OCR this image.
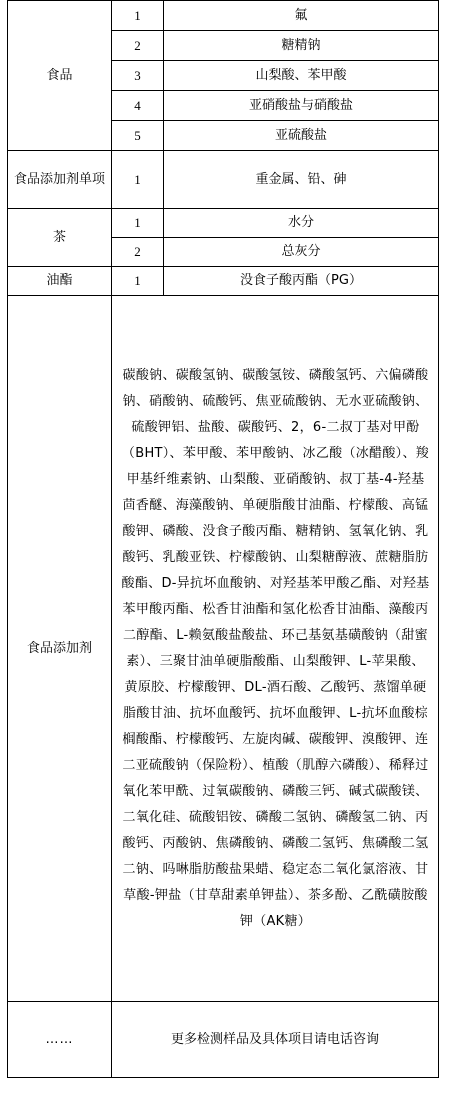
食品	1	氟
	2	糖精钠
	3	山梨酸、苯甲酸
	4	亚硝酸盐与硝酸盐
	5	亚硫酸盐
食品添加剂单项	1	重金属、铅、砷
茶	1	水分
	2	总灰分
油酯	1	没食子酸丙酯（PG）
食品添加剂	碳酸钠、碳酸氢钠、碳酸氢铵、磷酸氢钙、六偏磷酸钠、硝酸钠、硫酸钙、焦亚硫酸钠、无水亚硫酸钠、硫酸钾铝、盐酸、碳酸钙、2，6-二叔丁基对甲酚（BHT）、苯甲酸、苯甲酸钠、冰乙酸（冰醋酸）、羧甲基纤维素钠、山梨酸、亚硝酸钠、叔丁基-4-羟基茴香醚、海藻酸钠、单硬脂酸甘油酯、柠檬酸、高锰酸钾、磷酸、没食子酸丙酯、糖精钠、氢氧化钠、乳酸钙、乳酸亚铁、柠檬酸钠、山梨糖醇液、蔗糖脂肪酸酯、D-异抗坏血酸钠、对羟基苯甲酸乙酯、对羟基苯甲酸丙酯、松香甘油酯和氢化松香甘油酯、藻酸丙二醇酯、L-赖氨酸盐酸盐、环己基氨基磺酸钠（甜蜜素）、三聚甘油单硬脂酸酯、山梨酸钾、L-苹果酸、黄原胶、柠檬酸钾、DL-酒石酸、乙酸钙、蒸馏单硬脂酸甘油、抗坏血酸钙、抗坏血酸钾、L-抗坏血酸棕榈酸酯、柠檬酸钙、左旋肉碱、碳酸钾、溴酸钾、连二亚硫酸钠（保险粉）、植酸（肌醇六磷酸）、稀释过氧化苯甲酰、过氧碳酸钠、磷酸三钙、碱式碳酸镁、二氧化硅、硫酸铝铵、磷酸二氢钠、磷酸氢二钠、丙酸钙、丙酸钠、焦磷酸钠、磷酸二氢钙、焦磷酸二氢二钠、吗啉脂肪酸盐果蜡、稳定态二氧化氯溶液、甘草酸-钾盐（甘草甜素单钾盐）、茶多酚、乙酰磺胺酸钾（AK糖）	
……	更多检测样品及具体项目请电话咨询	
